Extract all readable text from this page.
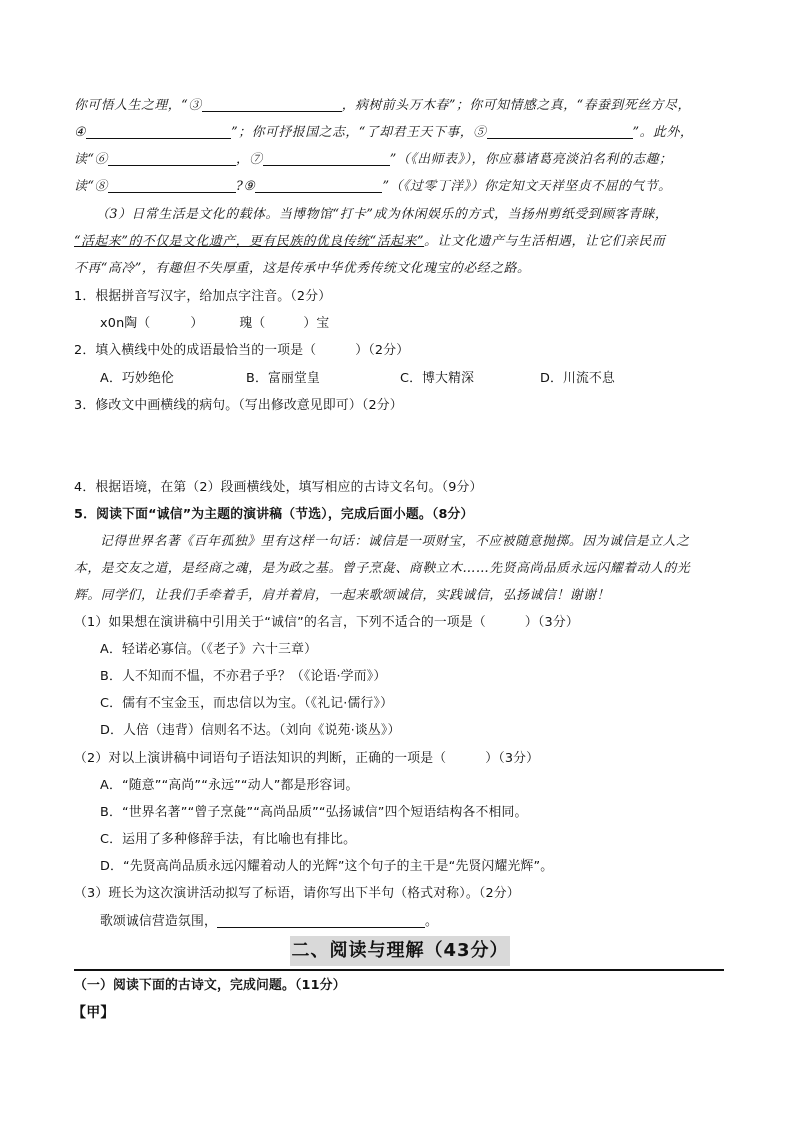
你可悟人生之理，“③	，病树前头万木春”；你可知情感之真，“春蚕到死丝方尽，
④	”；你可抒报国之志，“了却君王天下事，⑤	”。此外，
读“⑥	，⑦	”（《出师表》），你应慕诸葛亮淡泊名利的志趣；
读“⑧	?⑨	”（《过零丁洋》）你定知文天祥坚贞不屈的气节。
（3）日常生活是文化的载体。当博物馆“打卡”成为休闲娱乐的方式，当扬州剪纸受到顾客青睐，
“活起来”的不仅是文化遗产，更有民族的优良传统“活起来”。让文化遗产与生活相遇，让它们亲民而
不再“高冷”，有趣但不失厚重，这是传承中华优秀传统文化瑰宝的必经之路。
1．根据拼音写汉字，给加点字注音。（2分）
x0n陶（	）	瑰（	）宝
2．填入横线中处的成语最恰当的一项是（　　　）（2分）
A．巧妙绝伦	B．富丽堂皇	C．博大精深	D．川流不息
3．修改文中画横线的病句。（写出修改意见即可）（2分）
4．根据语境，在第（2）段画横线处，填写相应的古诗文名句。（9分）
5．阅读下面“诚信”为主题的演讲稿（节选），完成后面小题。（8分）
记得世界名著《百年孤独》里有这样一句话：诚信是一项财宝，不应被随意抛掷。因为诚信是立人之
本，是交友之道，是经商之魂，是为政之基。曾子烹彘、商鞅立木……先贤高尚品质永远闪耀着动人的光
辉。同学们，让我们手牵着手，肩并着肩，一起来歌颂诚信，实践诚信，弘扬诚信！谢谢！
（1）如果想在演讲稿中引用关于“诚信”的名言，下列不适合的一项是（　　　）（3分）
A．轻诺必寡信。（《老子》六十三章）
B．人不知而不愠，不亦君子乎？（《论语·学而》）
C．儒有不宝金玉，而忠信以为宝。（《礼记·儒行》）
D．人倍（违背）信则名不达。（刘向《说苑·谈丛》）
（2）对以上演讲稿中词语句子语法知识的判断，正确的一项是（　　　）（3分）
A．“随意”“高尚”“永远”“动人”都是形容词。
B．“世界名著”“曾子烹彘”“高尚品质”“弘扬诚信”四个短语结构各不相同。
C．运用了多种修辞手法，有比喻也有排比。
D．“先贤高尚品质永远闪耀着动人的光辉”这个句子的主干是“先贤闪耀光辉”。
（3）班长为这次演讲活动拟写了标语，请你写出下半句（格式对称）。（2分）
歌颂诚信营造氛围，	。
二、阅读与理解（43分）
（一）阅读下面的古诗文，完成问题。（11分）
【甲】
